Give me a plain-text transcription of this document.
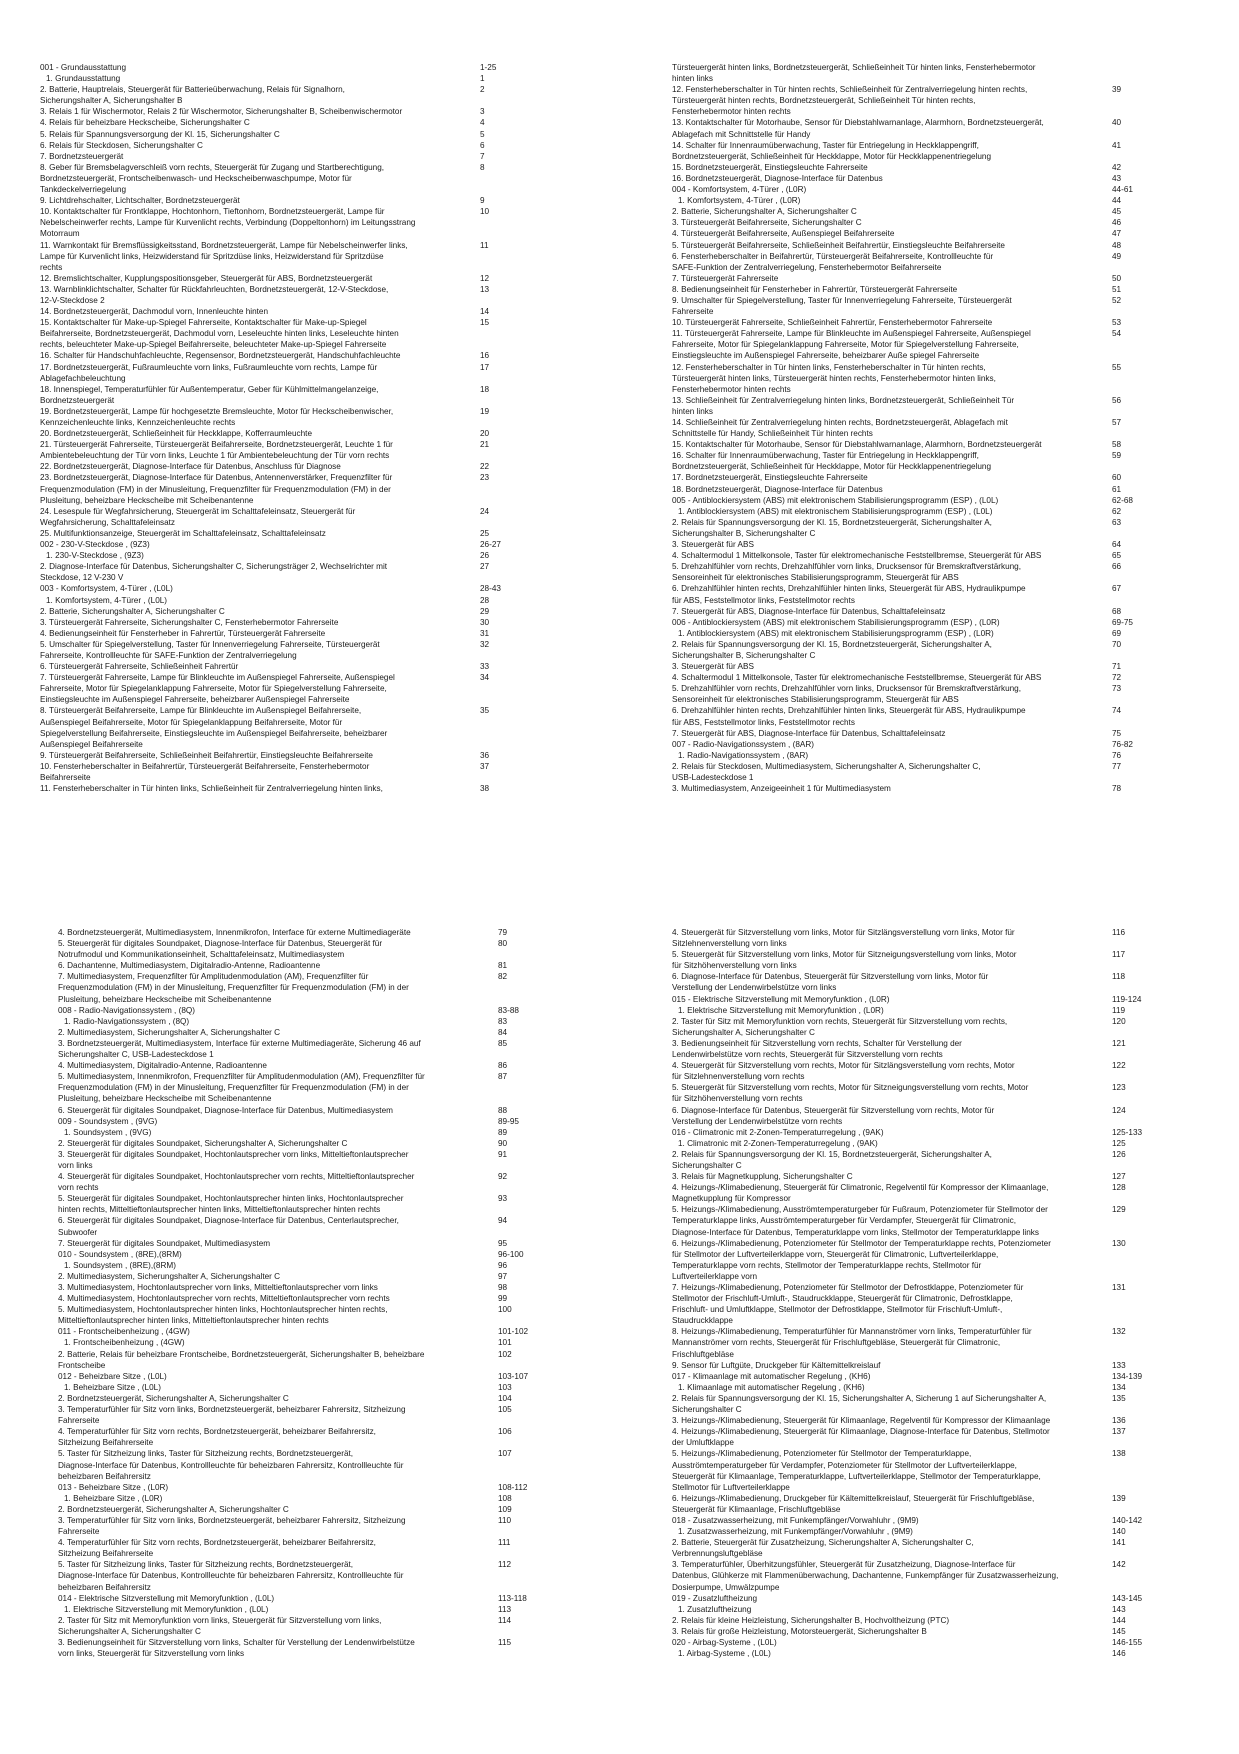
001 - Grundausstattung	1-25
1. Grundausstattung	1
2. Batterie, Hauptrelais, Steuergerät für Batterieüberwachung, Relais für Signalhorn,	2
Sicherungshalter A, Sicherungshalter B
3. Relais 1 für Wischermotor, Relais 2 für Wischermotor, Sicherungshalter B, Scheibenwischermotor	3
4. Relais für beheizbare Heckscheibe, Sicherungshalter C	4
5. Relais für Spannungsversorgung der Kl. 15, Sicherungshalter C	5
6. Relais für Steckdosen, Sicherungshalter C	6
7. Bordnetzsteuergerät	7
8. Geber für Bremsbelagverschleiß vorn rechts, Steuergerät für Zugang und Startberechtigung,	8
Bordnetzsteuergerät, Frontscheibenwasch- und Heckscheibenwaschpumpe, Motor für
Tankdeckelverriegelung
9. Lichtdrehschalter, Lichtschalter, Bordnetzsteuergerät	9
10. Kontaktschalter für Frontklappe, Hochtonhorn, Tieftonhorn, Bordnetzsteuergerät, Lampe für	10
Nebelscheinwerfer rechts, Lampe für Kurvenlicht rechts, Verbindung (Doppeltonhorn) im Leitungsstrang
Motorraum
11. Warnkontakt für Bremsflüssigkeitsstand, Bordnetzsteuergerät, Lampe für Nebelscheinwerfer links,	11
Lampe für Kurvenlicht links, Heizwiderstand für Spritzdüse links, Heizwiderstand für Spritzdüse
rechts
12. Bremslichtschalter, Kupplungspositionsgeber, Steuergerät für ABS, Bordnetzsteuergerät	12
13. Warnblinklichtschalter, Schalter für Rückfahrleuchten, Bordnetzsteuergerät, 12-V-Steckdose,	13
12-V-Steckdose 2
14. Bordnetzsteuergerät, Dachmodul vorn, Innenleuchte hinten	14
15. Kontaktschalter für Make-up-Spiegel Fahrerseite, Kontaktschalter für Make-up-Spiegel	15
Beifahrerseite, Bordnetzsteuergerät, Dachmodul vorn, Leseleuchte hinten links, Leseleuchte hinten
rechts, beleuchteter Make-up-Spiegel Beifahrerseite, beleuchteter Make-up-Spiegel Fahrerseite
16. Schalter für Handschuhfachleuchte, Regensensor, Bordnetzsteuergerät, Handschuhfachleuchte	16
17. Bordnetzsteuergerät, Fußraumleuchte vorn links, Fußraumleuchte vorn rechts, Lampe für	17
Ablagefachbeleuchtung
18. Innenspiegel, Temperaturfühler für Außentemperatur, Geber für Kühlmittelmangelanzeige,	18
Bordnetzsteuergerät
19. Bordnetzsteuergerät, Lampe für hochgesetzte Bremsleuchte, Motor für Heckscheibenwischer,	19
Kennzeichenleuchte links, Kennzeichenleuchte rechts
20. Bordnetzsteuergerät, Schließeinheit für Heckklappe, Kofferraumleuchte	20
21. Türsteuergerät Fahrerseite, Türsteuergerät Beifahrerseite, Bordnetzsteuergerät, Leuchte 1 für	21
Ambientebeleuchtung der Tür vorn links, Leuchte 1 für Ambientebeleuchtung der Tür vorn rechts
22. Bordnetzsteuergerät, Diagnose-Interface für Datenbus, Anschluss für Diagnose	22
23. Bordnetzsteuergerät, Diagnose-Interface für Datenbus, Antennenverstärker, Frequenzfilter für	23
Frequenzmodulation (FM) in der Minusleitung, Frequenzfilter für Frequenzmodulation (FM) in der
Plusleitung, beheizbare Heckscheibe mit Scheibenantenne
24. Lesespule für Wegfahrsicherung, Steuergerät im Schalttafeleinsatz, Steuergerät für	24
Wegfahrsicherung, Schalttafeleinsatz
25. Multifunktionsanzeige, Steuergerät im Schalttafeleinsatz, Schalttafeleinsatz	25
002 - 230-V-Steckdose , (9Z3)	26-27
1. 230-V-Steckdose , (9Z3)	26
2. Diagnose-Interface für Datenbus, Sicherungshalter C, Sicherungsträger 2, Wechselrichter mit	27
Steckdose, 12 V-230 V
003 - Komfortsystem, 4-Türer , (L0L)	28-43
1. Komfortsystem, 4-Türer , (L0L)	28
2. Batterie, Sicherungshalter A, Sicherungshalter C	29
3. Türsteuergerät Fahrerseite, Sicherungshalter C, Fensterhebermotor Fahrerseite	30
4. Bedienungseinheit für Fensterheber in Fahrertür, Türsteuergerät Fahrerseite	31
5. Umschalter für Spiegelverstellung, Taster für Innenverriegelung Fahrerseite, Türsteuergerät	32
Fahrerseite, Kontrollleuchte für SAFE-Funktion der Zentralverriegelung
6. Türsteuergerät Fahrerseite, Schließeinheit Fahrertür	33
7. Türsteuergerät Fahrerseite, Lampe für Blinkleuchte im Außenspiegel Fahrerseite, Außenspiegel	34
Fahrerseite, Motor für Spiegelanklappung Fahrerseite, Motor für Spiegelverstellung Fahrerseite,
Einstiegsleuchte im Außenspiegel Fahrerseite, beheizbarer Außenspiegel Fahrerseite
8. Türsteuergerät Beifahrerseite, Lampe für Blinkleuchte im Außenspiegel Beifahrerseite,	35
Außenspiegel Beifahrerseite, Motor für Spiegelanklappung Beifahrerseite, Motor für
Spiegelverstellung Beifahrerseite, Einstiegsleuchte im Außenspiegel Beifahrerseite, beheizbarer
Außenspiegel Beifahrerseite
9. Türsteuergerät Beifahrerseite, Schließeinheit Beifahrertür, Einstiegsleuchte Beifahrerseite	36
10. Fensterheberschalter in Beifahrertür, Türsteuergerät Beifahrerseite, Fensterhebermotor	37
Beifahrerseite
11. Fensterheberschalter in Tür hinten links, Schließeinheit für Zentralverriegelung hinten links,	38
Türsteuergerät hinten links, Bordnetzsteuergerät, Schließeinheit Tür hinten links, Fensterhebermotor
hinten links
12. Fensterheberschalter in Tür hinten rechts, Schließeinheit für Zentralverriegelung hinten rechts,	39
Türsteuergerät hinten rechts, Bordnetzsteuergerät, Schließeinheit Tür hinten rechts,
Fensterhebermotor hinten rechts
13. Kontaktschalter für Motorhaube, Sensor für Diebstahlwarnanlage, Alarmhorn, Bordnetzsteuergerät,	40
Ablagefach mit Schnittstelle für Handy
14. Schalter für Innenraumüberwachung, Taster für Entriegelung in Heckklappengriff,	41
Bordnetzsteuergerät, Schließeinheit für Heckklappe, Motor für Heckklappenentriegelung
15. Bordnetzsteuergerät, Einstiegsleuchte Fahrerseite	42
16. Bordnetzsteuergerät, Diagnose-Interface für Datenbus	43
004 - Komfortsystem, 4-Türer , (L0R)	44-61
1. Komfortsystem, 4-Türer , (L0R)	44
2. Batterie, Sicherungshalter A, Sicherungshalter C	45
3. Türsteuergerät Beifahrerseite, Sicherungshalter C	46
4. Türsteuergerät Beifahrerseite, Außenspiegel Beifahrerseite	47
5. Türsteuergerät Beifahrerseite, Schließeinheit Beifahrertür, Einstiegsleuchte Beifahrerseite	48
6. Fensterheberschalter in Beifahrertür, Türsteuergerät Beifahrerseite, Kontrollleuchte für	49
SAFE-Funktion der Zentralverriegelung, Fensterhebermotor Beifahrerseite
7. Türsteuergerät Fahrerseite	50
8. Bedienungseinheit für Fensterheber in Fahrertür, Türsteuergerät Fahrerseite	51
9. Umschalter für Spiegelverstellung, Taster für Innenverriegelung Fahrerseite, Türsteuergerät	52
Fahrerseite
10. Türsteuergerät Fahrerseite, Schließeinheit Fahrertür, Fensterhebermotor Fahrerseite	53
11. Türsteuergerät Fahrerseite, Lampe für Blinkleuchte im Außenspiegel Fahrerseite, Außenspiegel	54
Fahrerseite, Motor für Spiegelanklappung Fahrerseite, Motor für Spiegelverstellung Fahrerseite,
Einstiegsleuchte im Außenspiegel Fahrerseite, beheizbarer Auße spiegel Fahrerseite
12. Fensterheberschalter in Tür hinten links, Fensterheberschalter in Tür hinten rechts,	55
Türsteuergerät hinten links, Türsteuergerät hinten rechts, Fensterhebermotor hinten links,
Fensterhebermotor hinten rechts
13. Schließeinheit für Zentralverriegelung hinten links, Bordnetzsteuergerät, Schließeinheit Tür	56
hinten links
14. Schließeinheit für Zentralverriegelung hinten rechts, Bordnetzsteuergerät, Ablagefach mit	57
Schnittstelle für Handy, Schließeinheit Tür hinten rechts
15. Kontaktschalter für Motorhaube, Sensor für Diebstahlwarnanlage, Alarmhorn, Bordnetzsteuergerät	58
16. Schalter für Innenraumüberwachung, Taster für Entriegelung in Heckklappengriff,	59
Bordnetzsteuergerät, Schließeinheit für Heckklappe, Motor für Heckklappenentriegelung
17. Bordnetzsteuergerät, Einstiegsleuchte Fahrerseite	60
18. Bordnetzsteuergerät, Diagnose-Interface für Datenbus	61
005 - Antiblockiersystem (ABS) mit elektronischem Stabilisierungsprogramm (ESP) , (L0L)	62-68
1. Antiblockiersystem (ABS) mit elektronischem Stabilisierungsprogramm (ESP) , (L0L)	62
2. Relais für Spannungsversorgung der Kl. 15, Bordnetzsteuergerät, Sicherungshalter A,	63
Sicherungshalter B, Sicherungshalter C
3. Steuergerät für ABS	64
4. Schaltermodul 1 Mittelkonsole, Taster für elektromechanische Feststellbremse, Steuergerät für ABS	65
5. Drehzahlfühler vorn rechts, Drehzahlfühler vorn links, Drucksensor für Bremskraftverstärkung,	66
Sensoreinheit für elektronisches Stabilisierungsprogramm, Steuergerät für ABS
6. Drehzahlfühler hinten rechts, Drehzahlfühler hinten links, Steuergerät für ABS, Hydraulikpumpe	67
für ABS, Feststellmotor links, Feststellmotor rechts
7. Steuergerät für ABS, Diagnose-Interface für Datenbus, Schalttafeleinsatz	68
006 - Antiblockiersystem (ABS) mit elektronischem Stabilisierungsprogramm (ESP) , (L0R)	69-75
1. Antiblockiersystem (ABS) mit elektronischem Stabilisierungsprogramm (ESP) , (L0R)	69
2. Relais für Spannungsversorgung der Kl. 15, Bordnetzsteuergerät, Sicherungshalter A,	70
Sicherungshalter B, Sicherungshalter C
3. Steuergerät für ABS	71
4. Schaltermodul 1 Mittelkonsole, Taster für elektromechanische Feststellbremse, Steuergerät für ABS	72
5. Drehzahlfühler vorn rechts, Drehzahlfühler vorn links, Drucksensor für Bremskraftverstärkung,	73
Sensoreinheit für elektronisches Stabilisierungsprogramm, Steuergerät für ABS
6. Drehzahlfühler hinten rechts, Drehzahlfühler hinten links, Steuergerät für ABS, Hydraulikpumpe	74
für ABS, Feststellmotor links, Feststellmotor rechts
7. Steuergerät für ABS, Diagnose-Interface für Datenbus, Schalttafeleinsatz	75
007 - Radio-Navigationssystem , (8AR)	76-82
1. Radio-Navigationssystem , (8AR)	76
2. Relais für Steckdosen, Multimediasystem, Sicherungshalter A, Sicherungshalter C,	77
USB-Ladesteckdose 1
3. Multimediasystem, Anzeigeeinheit 1 für Multimediasystem	78
4. Bordnetzsteuergerät, Multimediasystem, Innenmikrofon, Interface für externe Multimediageräte	79
5. Steuergerät für digitales Soundpaket, Diagnose-Interface für Datenbus, Steuergerät für	80
Notrufmodul und Kommunikationseinheit, Schalttafeleinsatz, Multimediasystem
6. Dachantenne, Multimediasystem, Digitalradio-Antenne, Radioantenne	81
7. Multimediasystem, Frequenzfilter für Amplitudenmodulation (AM), Frequenzfilter für	82
Frequenzmodulation (FM) in der Minusleitung, Frequenzfilter für Frequenzmodulation (FM) in der
Plusleitung, beheizbare Heckscheibe mit Scheibenantenne
008 - Radio-Navigationssystem , (8Q)	83-88
1. Radio-Navigationssystem , (8Q)	83
2. Multimediasystem, Sicherungshalter A, Sicherungshalter C	84
3. Bordnetzsteuergerät, Multimediasystem, Interface für externe Multimediageräte, Sicherung 46 auf	85
Sicherungshalter C, USB-Ladesteckdose 1
4. Multimediasystem, Digitalradio-Antenne, Radioantenne	86
5. Multimediasystem, Innenmikrofon, Frequenzfilter für Amplitudenmodulation (AM), Frequenzfilter für	87
Frequenzmodulation (FM) in der Minusleitung, Frequenzfilter für Frequenzmodulation (FM) in der
Plusleitung, beheizbare Heckscheibe mit Scheibenantenne
6. Steuergerät für digitales Soundpaket, Diagnose-Interface für Datenbus, Multimediasystem	88
009 - Soundsystem , (9VG)	89-95
1. Soundsystem , (9VG)	89
2. Steuergerät für digitales Soundpaket, Sicherungshalter A, Sicherungshalter C	90
3. Steuergerät für digitales Soundpaket, Hochtonlautsprecher vorn links, Mitteltieftonlautsprecher	91
vorn links
4. Steuergerät für digitales Soundpaket, Hochtonlautsprecher vorn rechts, Mitteltieftonlautsprecher	92
vorn rechts
5. Steuergerät für digitales Soundpaket, Hochtonlautsprecher hinten links, Hochtonlautsprecher	93
hinten rechts, Mitteltieftonlautsprecher hinten links, Mitteltieftonlautsprecher hinten rechts
6. Steuergerät für digitales Soundpaket, Diagnose-Interface für Datenbus, Centerlautsprecher,	94
Subwoofer
7. Steuergerät für digitales Soundpaket, Multimediasystem	95
010 - Soundsystem , (8RE),(8RM)	96-100
1. Soundsystem , (8RE),(8RM)	96
2. Multimediasystem, Sicherungshalter A, Sicherungshalter C	97
3. Multimediasystem, Hochtonlautsprecher vorn links, Mitteltieftonlautsprecher vorn links	98
4. Multimediasystem, Hochtonlautsprecher vorn rechts, Mitteltieftonlautsprecher vorn rechts	99
5. Multimediasystem, Hochtonlautsprecher hinten links, Hochtonlautsprecher hinten rechts,	100
Mitteltieftonlautsprecher hinten links, Mitteltieftonlautsprecher hinten rechts
011 - Frontscheibenheizung , (4GW)	101-102
1. Frontscheibenheizung , (4GW)	101
2. Batterie, Relais für beheizbare Frontscheibe, Bordnetzsteuergerät, Sicherungshalter B, beheizbare	102
Frontscheibe
012 - Beheizbare Sitze , (L0L)	103-107
1. Beheizbare Sitze , (L0L)	103
2. Bordnetzsteuergerät, Sicherungshalter A, Sicherungshalter C	104
3. Temperaturfühler für Sitz vorn links, Bordnetzsteuergerät, beheizbarer Fahrersitz, Sitzheizung	105
Fahrerseite
4. Temperaturfühler für Sitz vorn rechts, Bordnetzsteuergerät, beheizbarer Beifahrersitz,	106
Sitzheizung Beifahrerseite
5. Taster für Sitzheizung links, Taster für Sitzheizung rechts, Bordnetzsteuergerät,	107
Diagnose-Interface für Datenbus, Kontrollleuchte für beheizbaren Fahrersitz, Kontrollleuchte für
beheizbaren Beifahrersitz
013 - Beheizbare Sitze , (L0R)	108-112
1. Beheizbare Sitze , (L0R)	108
2. Bordnetzsteuergerät, Sicherungshalter A, Sicherungshalter C	109
3. Temperaturfühler für Sitz vorn links, Bordnetzsteuergerät, beheizbarer Fahrersitz, Sitzheizung	110
Fahrerseite
4. Temperaturfühler für Sitz vorn rechts, Bordnetzsteuergerät, beheizbarer Beifahrersitz,	111
Sitzheizung Beifahrerseite
5. Taster für Sitzheizung links, Taster für Sitzheizung rechts, Bordnetzsteuergerät,	112
Diagnose-Interface für Datenbus, Kontrollleuchte für beheizbaren Fahrersitz, Kontrollleuchte für
beheizbaren Beifahrersitz
014 - Elektrische Sitzverstellung mit Memoryfunktion , (L0L)	113-118
1. Elektrische Sitzverstellung mit Memoryfunktion , (L0L)	113
2. Taster für Sitz mit Memoryfunktion vorn links, Steuergerät für Sitzverstellung vorn links,	114
Sicherungshalter A, Sicherungshalter C
3. Bedienungseinheit für Sitzverstellung vorn links, Schalter für Verstellung der Lendenwirbelstütze	115
vorn links, Steuergerät für Sitzverstellung vorn links
4. Steuergerät für Sitzverstellung vorn links, Motor für Sitzlängsverstellung vorn links, Motor für	116
Sitzlehnenverstellung vorn links
5. Steuergerät für Sitzverstellung vorn links, Motor für Sitzneigungsverstellung vorn links, Motor	117
für Sitzhöhenverstellung vorn links
6. Diagnose-Interface für Datenbus, Steuergerät für Sitzverstellung vorn links, Motor für	118
Verstellung der Lendenwirbelstütze vorn links
015 - Elektrische Sitzverstellung mit Memoryfunktion , (L0R)	119-124
1. Elektrische Sitzverstellung mit Memoryfunktion , (L0R)	119
2. Taster für Sitz mit Memoryfunktion vorn rechts, Steuergerät für Sitzverstellung vorn rechts,	120
Sicherungshalter A, Sicherungshalter C
3. Bedienungseinheit für Sitzverstellung vorn rechts, Schalter für Verstellung der	121
Lendenwirbelstütze vorn rechts, Steuergerät für Sitzverstellung vorn rechts
4. Steuergerät für Sitzverstellung vorn rechts, Motor für Sitzlängsverstellung vorn rechts, Motor	122
für Sitzlehnenverstellung vorn rechts
5. Steuergerät für Sitzverstellung vorn rechts, Motor für Sitzneigungsverstellung vorn rechts, Motor	123
für Sitzhöhenverstellung vorn rechts
6. Diagnose-Interface für Datenbus, Steuergerät für Sitzverstellung vorn rechts, Motor für	124
Verstellung der Lendenwirbelstütze vorn rechts
016 - Climatronic mit 2-Zonen-Temperaturregelung , (9AK)	125-133
1. Climatronic mit 2-Zonen-Temperaturregelung , (9AK)	125
2. Relais für Spannungsversorgung der Kl. 15, Bordnetzsteuergerät, Sicherungshalter A,	126
Sicherungshalter C
3. Relais für Magnetkupplung, Sicherungshalter C	127
4. Heizungs-/Klimabedienung, Steuergerät für Climatronic, Regelventil für Kompressor der Klimaanlage,	128
Magnetkupplung für Kompressor
5. Heizungs-/Klimabedienung, Ausströmtemperaturgeber für Fußraum, Potenziometer für Stellmotor der	129
Temperaturklappe links, Ausströmtemperaturgeber für Verdampfer, Steuergerät für Climatronic,
Diagnose-Interface für Datenbus, Temperaturklappe vorn links, Stellmotor der Temperaturklappe links
6. Heizungs-/Klimabedienung, Potenziometer für Stellmotor der Temperaturklappe rechts, Potenziometer	130
für Stellmotor der Luftverteilerklappe vorn, Steuergerät für Climatronic, Luftverteilerklappe,
Temperaturklappe vorn rechts, Stellmotor der Temperaturklappe rechts, Stellmotor für
Luftverteilerklappe vorn
7. Heizungs-/Klimabedienung, Potenziometer für Stellmotor der Defrostklappe, Potenziometer für	131
Stellmotor der Frischluft-Umluft-, Staudruckklappe, Steuergerät für Climatronic, Defrostklappe,
Frischluft- und Umluftklappe, Stellmotor der Defrostklappe, Stellmotor für Frischluft-Umluft-,
Staudruckklappe
8. Heizungs-/Klimabedienung, Temperaturfühler für Mannanströmer vorn links, Temperaturfühler für	132
Mannanströmer vorn rechts, Steuergerät für Frischluftgebläse, Steuergerät für Climatronic,
Frischluftgebläse
9. Sensor für Luftgüte, Druckgeber für Kältemittelkreislauf	133
017 - Klimaanlage mit automatischer Regelung , (KH6)	134-139
1. Klimaanlage mit automatischer Regelung , (KH6)	134
2. Relais für Spannungsversorgung der Kl. 15, Sicherungshalter A, Sicherung 1 auf Sicherungshalter A,	135
Sicherungshalter C
3. Heizungs-/Klimabedienung, Steuergerät für Klimaanlage, Regelventil für Kompressor der Klimaanlage	136
4. Heizungs-/Klimabedienung, Steuergerät für Klimaanlage, Diagnose-Interface für Datenbus, Stellmotor	137
der Umluftklappe
5. Heizungs-/Klimabedienung, Potenziometer für Stellmotor der Temperaturklappe,	138
Ausströmtemperaturgeber für Verdampfer, Potenziometer für Stellmotor der Luftverteilerklappe,
Steuergerät für Klimaanlage, Temperaturklappe, Luftverteilerklappe, Stellmotor der Temperaturklappe,
Stellmotor für Luftverteilerklappe
6. Heizungs-/Klimabedienung, Druckgeber für Kältemittelkreislauf, Steuergerät für Frischluftgebläse,	139
Steuergerät für Klimaanlage, Frischluftgebläse
018 - Zusatzwasserheizung, mit Funkempfänger/Vorwahluhr , (9M9)	140-142
1. Zusatzwasserheizung, mit Funkempfänger/Vorwahluhr , (9M9)	140
2. Batterie, Steuergerät für Zusatzheizung, Sicherungshalter A, Sicherungshalter C,	141
Verbrennungsluftgebläse
3. Temperaturfühler, Überhitzungsfühler, Steuergerät für Zusatzheizung, Diagnose-Interface für	142
Datenbus, Glühkerze mit Flammenüberwachung, Dachantenne, Funkempfänger für Zusatzwasserheizung,
Dosierpumpe, Umwälzpumpe
019 - Zusatzluftheizung	143-145
1. Zusatzluftheizung	143
2. Relais für kleine Heizleistung, Sicherungshalter B, Hochvoltheizung (PTC)	144
3. Relais für große Heizleistung, Motorsteuergerät, Sicherungshalter B	145
020 - Airbag-Systeme , (L0L)	146-155
1. Airbag-Systeme , (L0L)	146
